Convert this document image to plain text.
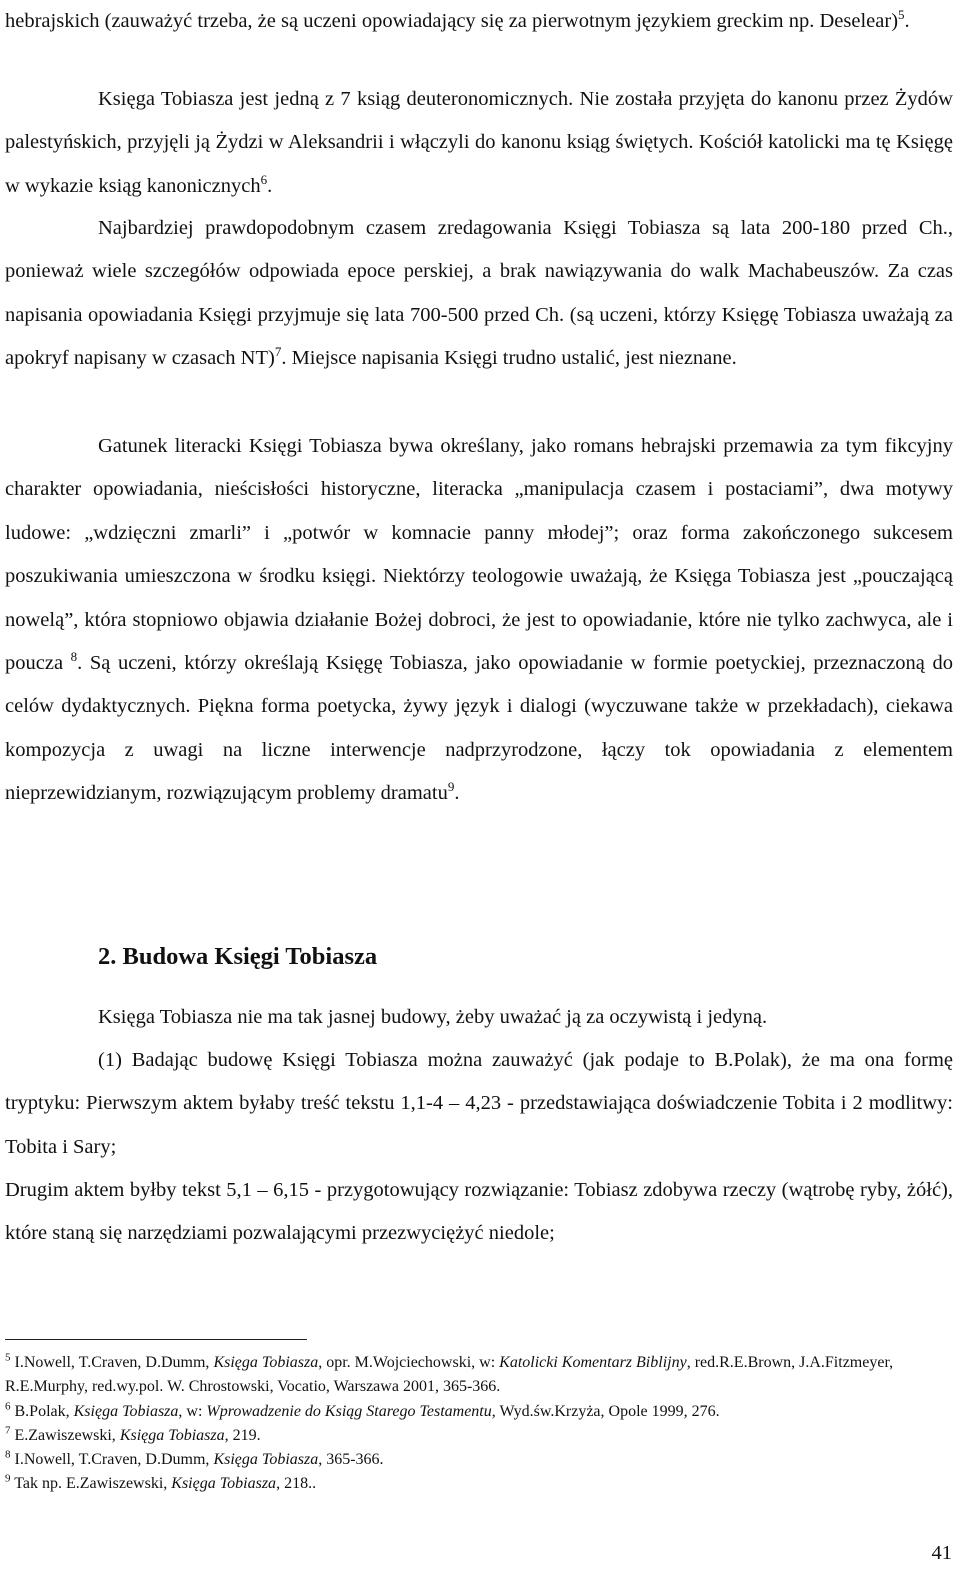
hebrajskich (zauważyć trzeba, że są uczeni opowiadający się za pierwotnym językiem greckim np. Deselear)$^5$.

Księga Tobiasza jest jedną z 7 ksiąg deuteronomicznych. Nie została przyjęta do kanonu przez Żydów palestyńskich, przyjęli ją Żydzi w Aleksandrii i włączyli do kanonu ksiąg świętych. Kościół katolicki ma tę Księgę w wykazie ksiąg kanonicznych$^6$.

Najbardziej prawdopodobnym czasem zredagowania Księgi Tobiasza są lata 200-180 przed Ch., ponieważ wiele szczegółów odpowiada epoce perskiej, a brak nawiązywania do walk Machabeuszów. Za czas napisania opowiadania Księgi przyjmuje się lata 700-500 przed Ch. (są uczeni, którzy Księgę Tobiasza uważają za apokryf napisany w czasach NT)$^7$. Miejsce napisania Księgi trudno ustalić, jest nieznane.

Gatunek literacki Księgi Tobiasza bywa określany, jako romans hebrajski przemawia za tym fikcyjny charakter opowiadania, nieścisłości historyczne, literacka „manipulacja czasem i postaciami”, dwa motywy ludowe: „wdzięczni zmarli” i „potwór w komnacie panny młodej”; oraz forma zakończonego sukcesem poszukiwania umieszczona w środku księgi. Niektórzy teologowie uważają, że Księga Tobiasza jest „pouczającą nowelą”, która stopniowo objawia działanie Bożej dobroci, że jest to opowiadanie, które nie tylko zachwyca, ale i poucza $^8$. Są uczeni, którzy określają Księgę Tobiasza, jako opowiadanie w formie poetyckiej, przeznaczoną do celów dydaktycznych. Piękna forma poetycka, żywy język i dialogi (wyczuwane także w przekładach), ciekawa kompozycja z uwagi na liczne interwencje nadprzyrodzone, łączy tok opowiadania z elementem nieprzewidzianym, rozwiązującym problemy dramatu$^9$.

2. Budowa Księgi Tobiasza

Księga Tobiasza nie ma tak jasnej budowy, żeby uważać ją za oczywistą i jedyną.

(1) Badając budowę Księgi Tobiasza można zauważyć (jak podaje to B.Polak), że ma ona formę tryptyku: Pierwszym aktem byłaby treść tekstu 1,1-4 – 4,23 - przedstawiająca doświadczenie Tobita i 2 modlitwy: Tobita i Sary;

Drugim aktem byłby tekst 5,1 – 6,15 - przygotowujący rozwiązanie: Tobiasz zdobywa rzeczy (wątrobę ryby, żółć), które staną się narzędziami pozwalającymi przezwyciężyć niedole;

$^5$ I.Nowell, T.Craven, D.Dumm, Księga Tobiasza, opr. M.Wojciechowski, w: Katolicki Komentarz Biblijny, red.R.E.Brown, J.A.Fitzmeyer, R.E.Murphy, red.wy.pol. W. Chrostowski, Vocatio, Warszawa 2001, 365-366.
$^6$ B.Polak, Księga Tobiasza, w: Wprowadzenie do Ksiąg Starego Testamentu, Wyd.św.Krzyża, Opole 1999, 276.
$^7$ E.Zawiszewski, Księga Tobiasza, 219.
$^8$ I.Nowell, T.Craven, D.Dumm, Księga Tobiasza, 365-366.
$^9$ Tak np. E.Zawiszewski, Księga Tobiasza, 218..
41
